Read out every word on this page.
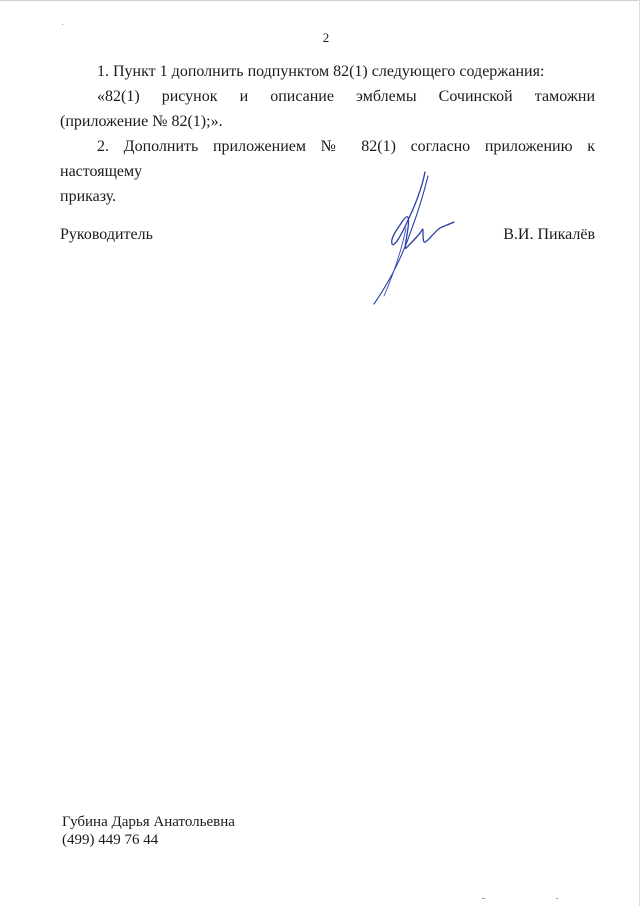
2

1. Пункт 1 дополнить подпунктом 82(1) следующего содержания:

«82(1) рисунок и описание эмблемы Сочинской таможни

(приложение № 82(1);».

2. Дополнить приложением № 82(1) согласно приложению к настоящему

приказу.

Руководитель	В.И. Пикалёв
Губина Дарья Анатольевна
(499) 449 76 44
